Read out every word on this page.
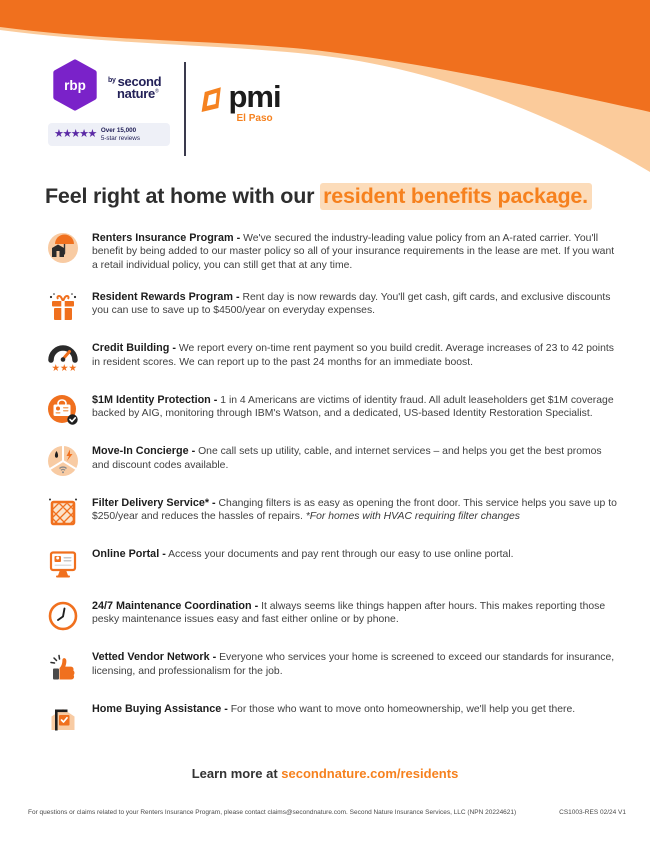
rbp	by second
nature®
★★★★★ Over 15,000
5-star reviews
pmi
El Paso
Feel right at home with our resident benefits package.

Renters Insurance Program - We've secured the industry-leading value policy from an A-rated carrier. You'll benefit by being added to our master policy so all of your insurance requirements in the lease are met. If you want a retail individual policy, you can still get that at any time.

Resident Rewards Program - Rent day is now rewards day. You'll get cash, gift cards, and exclusive discounts you can use to save up to $4500/year on everyday expenses.

★★★

Credit Building - We report every on-time rent payment so you build credit. Average increases of 23 to 42 points in resident scores. We can report up to the past 24 months for an immediate boost.

$1M Identity Protection - 1 in 4 Americans are victims of identity fraud. All adult leaseholders get $1M coverage backed by AIG, monitoring through IBM's Watson, and a dedicated, US-based Identity Restoration Specialist.

Move-In Concierge - One call sets up utility, cable, and internet services – and helps you get the best promos and discount codes available.

Filter Delivery Service* - Changing filters is as easy as opening the front door. This service helps you save up to $250/year and reduces the hassles of repairs. *For homes with HVAC requiring filter changes

Online Portal - Access your documents and pay rent through our easy to use online portal.

24/7 Maintenance Coordination - It always seems like things happen after hours. This makes reporting those pesky maintenance issues easy and fast either online or by phone.

Vetted Vendor Network - Everyone who services your home is screened to exceed our standards for insurance, licensing, and professionalism for the job.

Home Buying Assistance - For those who want to move onto homeownership, we'll help you get there.

Learn more at secondnature.com/residents
For questions or claims related to your Renters Insurance Program, please contact claims@secondnature.com. Second Nature Insurance Services, LLC (NPN 20224621)	CS1003-RES 02/24 V1
